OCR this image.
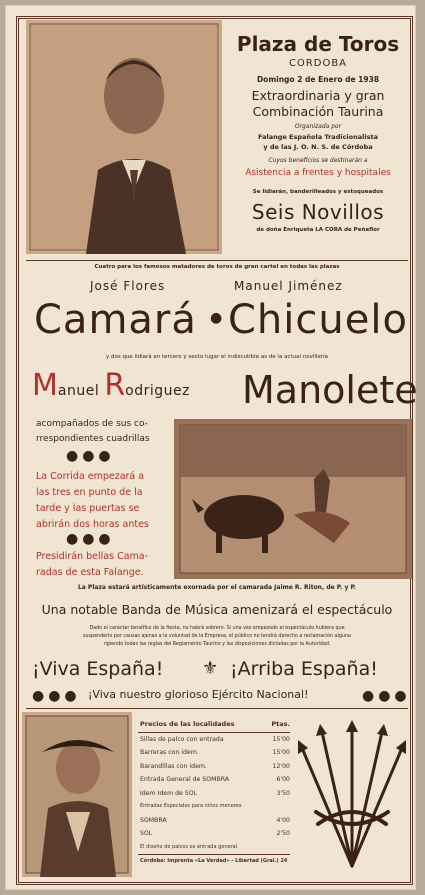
Plaza de Toros
CORDOBA
Domingo 2 de Enero de 1938
Extraordinaria y gran
Combinación Taurina
Organizada por
Falange Española Tradicionalista
y de las J. O. N. S. de Córdoba
Cuyos beneficios se destinarán a
Asistencia a frentes y hospitales
Se lidiarán, banderilleados y estoqueados
Seis Novillos
de doña Enriqueta LA CORA de Peñaflor
Cuatro para los famosos matadores de toros de gran cartel en todas las plazas
José Flores	Manuel Jiménez
Camará ● Chicuelo
y dos que lidiará en tercero y sexto lugar el indiscutible as de la actual novillería
Manuel Rodriguez Manolete
acompañados de sus co-
rrespondientes cuadrillas
●●●
La Corrida empezará a
las tres en punto de la
tarde y las puertas se
abrirán dos horas antes
●●●
Presidirán bellas Cama-
radas de esta Falange.
La Plaza estará artísticamente exornada por el camarada Jaime R. Riton, de P. y P.
Una notable Banda de Música amenizará el espectáculo
Dado el carácter benéfico de la fiesta, no habrá sobrero. Si una vez empezado el espectáculo hubiera que
suspenderlo por causas ajenas a la voluntad de la Empresa, el público no tendrá derecho a reclamación alguna
rigiendo todas las reglas del Reglamento Taurino y las disposiciones dictadas por la Autoridad.
¡Viva España! ⚜ ¡Arriba España!
●●● ¡Viva nuestro glorioso Ejército Nacional!	●●●
Precios de las localidades	Ptas.
Sillas de palco con entrada	15'00
Barreras con idem.	15'00
Barandillas con idem.	12'00
Entrada General de SOMBRA	6'00
Idem Idem de SOL	3'50
Entradas Especiales para niños menores
SOMBRA	4'00
SOL	2'50
El diseño de palcos es entrada general
Córdoba: Imprenta «La Verdad» - Libertad (Gral.) 24
